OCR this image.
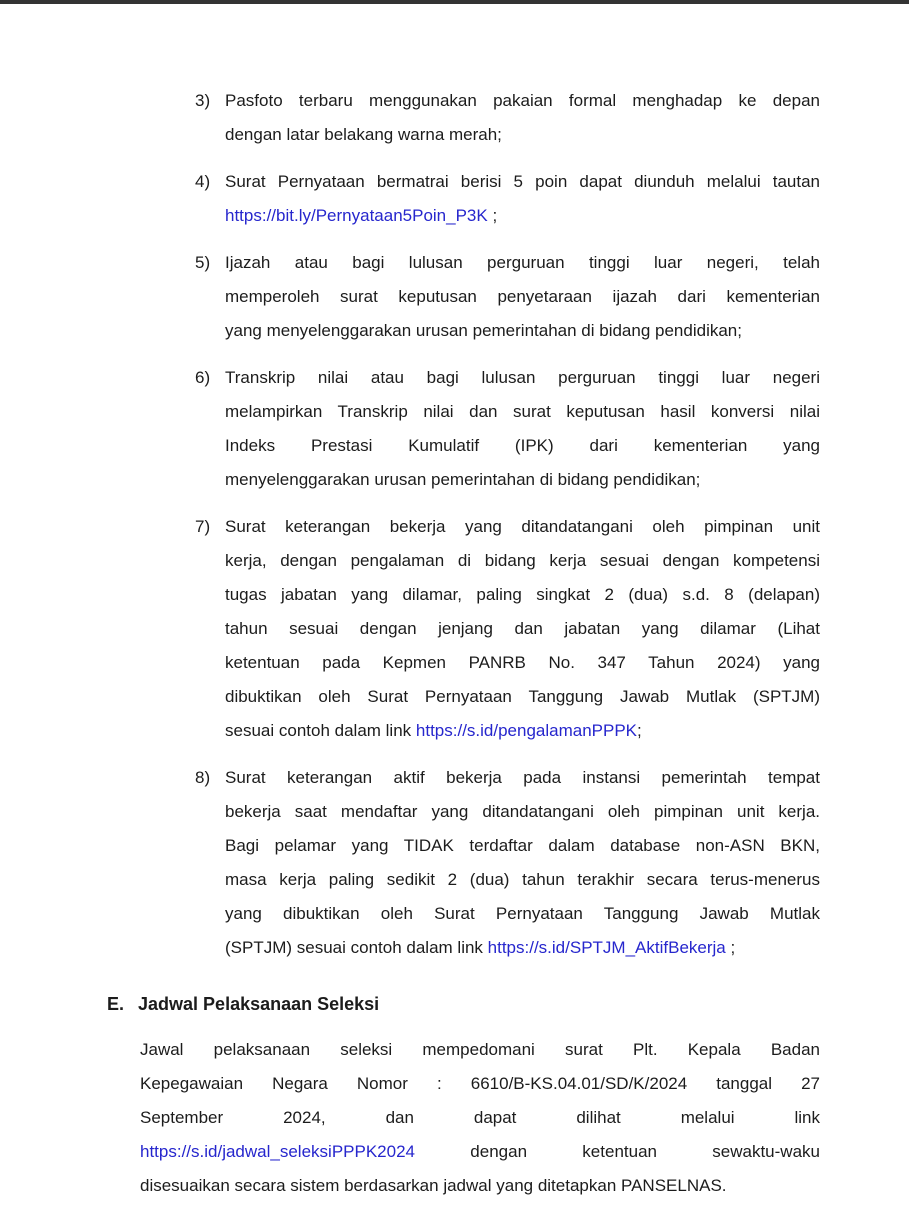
3) Pasfoto terbaru menggunakan pakaian formal menghadap ke depan
dengan latar belakang warna merah;
4) Surat Pernyataan bermatrai berisi 5 poin dapat diunduh melalui tautan
https://bit.ly/Pernyataan5Poin_P3K ;
5) Ijazah atau bagi lulusan perguruan tinggi luar negeri, telah
memperoleh surat keputusan penyetaraan ijazah dari kementerian
yang menyelenggarakan urusan pemerintahan di bidang pendidikan;
6) Transkrip nilai atau bagi lulusan perguruan tinggi luar negeri
melampirkan Transkrip nilai dan surat keputusan hasil konversi nilai
Indeks Prestasi Kumulatif (IPK) dari kementerian yang
menyelenggarakan urusan pemerintahan di bidang pendidikan;
7) Surat keterangan bekerja yang ditandatangani oleh pimpinan unit
kerja, dengan pengalaman di bidang kerja sesuai dengan kompetensi
tugas jabatan yang dilamar, paling singkat 2 (dua) s.d. 8 (delapan)
tahun sesuai dengan jenjang dan jabatan yang dilamar (Lihat
ketentuan pada Kepmen PANRB No. 347 Tahun 2024) yang
dibuktikan oleh Surat Pernyataan Tanggung Jawab Mutlak (SPTJM)
sesuai contoh dalam link https://s.id/pengalamanPPPK;
8) Surat keterangan aktif bekerja pada instansi pemerintah tempat
bekerja saat mendaftar yang ditandatangani oleh pimpinan unit kerja.
Bagi pelamar yang TIDAK terdaftar dalam database non-ASN BKN,
masa kerja paling sedikit 2 (dua) tahun terakhir secara terus-menerus
yang dibuktikan oleh Surat Pernyataan Tanggung Jawab Mutlak
(SPTJM) sesuai contoh dalam link https://s.id/SPTJM_AktifBekerja ;
E. Jadwal Pelaksanaan Seleksi
Jawal pelaksanaan seleksi mempedomani surat Plt. Kepala Badan
Kepegawaian Negara Nomor : 6610/B-KS.04.01/SD/K/2024 tanggal 27
September 2024, dan dapat dilihat melalui link
https://s.id/jadwal_seleksiPPPK2024 dengan ketentuan sewaktu-waku
disesuaikan secara sistem berdasarkan jadwal yang ditetapkan PANSELNAS.
